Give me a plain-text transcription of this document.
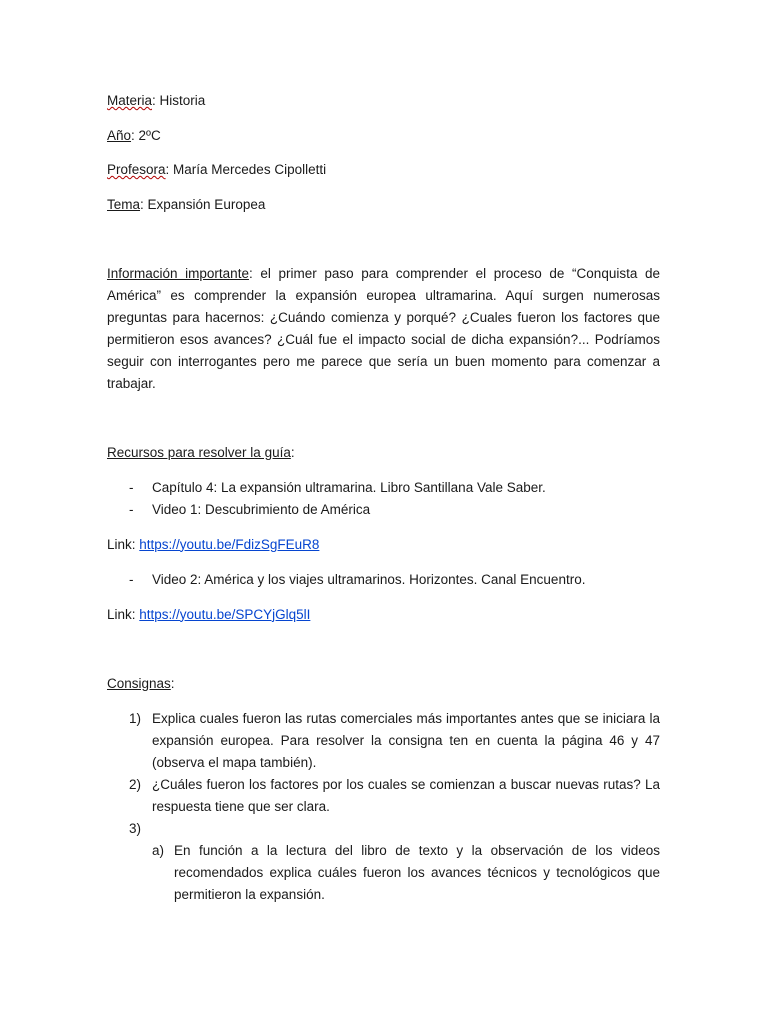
Materia: Historia

Año: 2ºC

Profesora: María Mercedes Cipolletti

Tema: Expansión Europea

Información importante: el primer paso para comprender el proceso de “Conquista de América” es comprender la expansión europea ultramarina. Aquí surgen numerosas preguntas para hacernos: ¿Cuándo comienza y porqué? ¿Cuales fueron los factores que permitieron esos avances? ¿Cuál fue el impacto social de dicha expansión?... Podríamos seguir con interrogantes pero me parece que sería un buen momento para comenzar a trabajar.

Recursos para resolver la guía:

- Capítulo 4: La expansión ultramarina. Libro Santillana Vale Saber.
- Video 1: Descubrimiento de América

Link: https://youtu.be/FdizSgFEuR8

- Video 2: América y los viajes ultramarinos. Horizontes. Canal Encuentro.

Link: https://youtu.be/SPCYjGlq5lI

Consignas:

1) Explica cuales fueron las rutas comerciales más importantes antes que se iniciara la expansión europea. Para resolver la consigna ten en cuenta la página 46 y 47 (observa el mapa también).
2) ¿Cuáles fueron los factores por los cuales se comienzan a buscar nuevas rutas? La respuesta tiene que ser clara.
3)
a) En función a la lectura del libro de texto y la observación de los videos recomendados explica cuáles fueron los avances técnicos y tecnológicos que permitieron la expansión.
